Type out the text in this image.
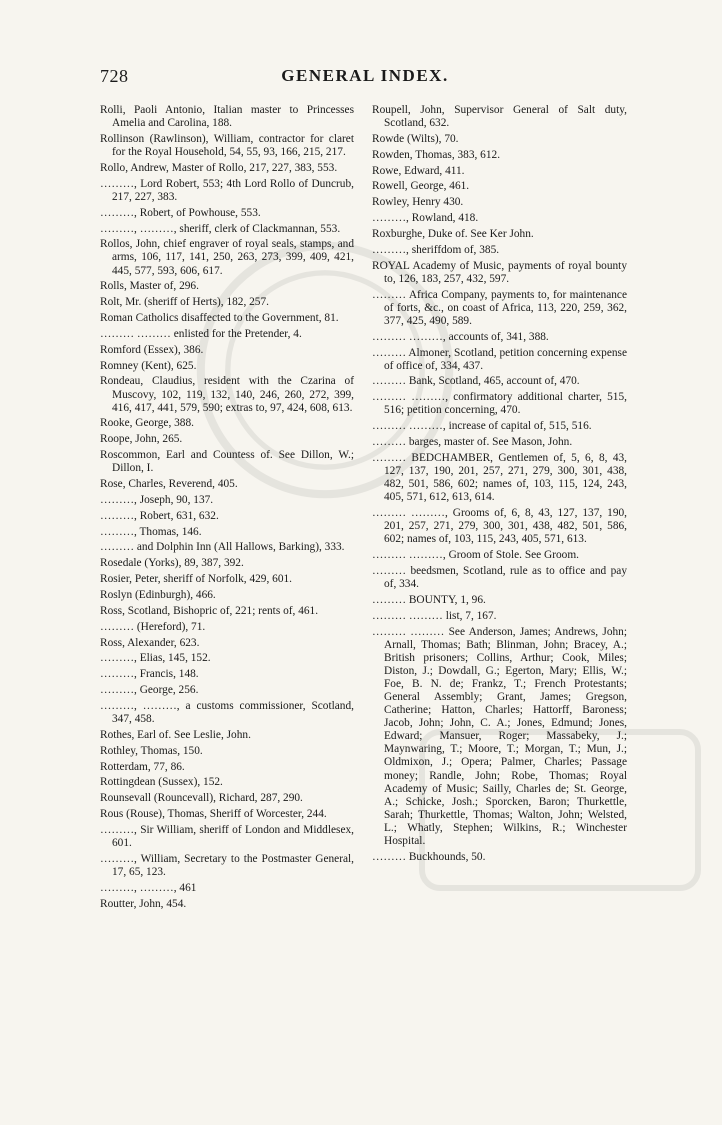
728	GENERAL INDEX.

Rolli, Paoli Antonio, Italian master to Princesses Amelia and Carolina, 188.

Rollinson (Rawlinson), William, contractor for claret for the Royal Household, 54, 55, 93, 166, 215, 217.

Rollo, Andrew, Master of Rollo, 217, 227, 383, 553.

………, Lord Robert, 553; 4th Lord Rollo of Duncrub, 217, 227, 383.

………, Robert, of Powhouse, 553.

………, ………, sheriff, clerk of Clackmannan, 553.

Rollos, John, chief engraver of royal seals, stamps, and arms, 106, 117, 141, 250, 263, 273, 399, 409, 421, 445, 577, 593, 606, 617.

Rolls, Master of, 296.

Rolt, Mr. (sheriff of Herts), 182, 257.

Roman Catholics disaffected to the Government, 81.

……… ……… enlisted for the Pretender, 4.

Romford (Essex), 386.

Romney (Kent), 625.

Rondeau, Claudius, resident with the Czarina of Muscovy, 102, 119, 132, 140, 246, 260, 272, 399, 416, 417, 441, 579, 590; extras to, 97, 424, 608, 613.

Rooke, George, 388.

Roope, John, 265.

Roscommon, Earl and Countess of. See Dillon, W.; Dillon, I.

Rose, Charles, Reverend, 405.

………, Joseph, 90, 137.

………, Robert, 631, 632.

………, Thomas, 146.

……… and Dolphin Inn (All Hallows, Barking), 333.

Rosedale (Yorks), 89, 387, 392.

Rosier, Peter, sheriff of Norfolk, 429, 601.

Roslyn (Edinburgh), 466.

Ross, Scotland, Bishopric of, 221; rents of, 461.

……… (Hereford), 71.

Ross, Alexander, 623.

………, Elias, 145, 152.

………, Francis, 148.

………, George, 256.

………, ………, a customs commissioner, Scotland, 347, 458.

Rothes, Earl of. See Leslie, John.

Rothley, Thomas, 150.

Rotterdam, 77, 86.

Rottingdean (Sussex), 152.

Rounsevall (Rouncevall), Richard, 287, 290.

Rous (Rouse), Thomas, Sheriff of Worcester, 244.

………, Sir William, sheriff of London and Middlesex, 601.

………, William, Secretary to the Postmaster General, 17, 65, 123.

………, ………, 461

Routter, John, 454.

Roupell, John, Supervisor General of Salt duty, Scotland, 632.

Rowde (Wilts), 70.

Rowden, Thomas, 383, 612.

Rowe, Edward, 411.

Rowell, George, 461.

Rowley, Henry 430.

………, Rowland, 418.

Roxburghe, Duke of. See Ker John.

………, sheriffdom of, 385.

ROYAL Academy of Music, payments of royal bounty to, 126, 183, 257, 432, 597.

……… Africa Company, payments to, for maintenance of forts, &c., on coast of Africa, 113, 220, 259, 362, 377, 425, 490, 589.

……… ………, accounts of, 341, 388.

……… Almoner, Scotland, petition concerning expense of office of, 334, 437.

……… Bank, Scotland, 465, account of, 470.

……… ………, confirmatory additional charter, 515, 516; petition concerning, 470.

……… ………, increase of capital of, 515, 516.

……… barges, master of. See Mason, John.

……… BEDCHAMBER, Gentlemen of, 5, 6, 8, 43, 127, 137, 190, 201, 257, 271, 279, 300, 301, 438, 482, 501, 586, 602; names of, 103, 115, 124, 243, 405, 571, 612, 613, 614.

……… ………, Grooms of, 6, 8, 43, 127, 137, 190, 201, 257, 271, 279, 300, 301, 438, 482, 501, 586, 602; names of, 103, 115, 243, 405, 571, 613.

……… ………, Groom of Stole. See Groom.

……… beedsmen, Scotland, rule as to office and pay of, 334.

……… BOUNTY, 1, 96.

……… ……… list, 7, 167.

……… ……… See Anderson, James; Andrews, John; Arnall, Thomas; Bath; Blinman, John; Bracey, A.; British prisoners; Collins, Arthur; Cook, Miles; Diston, J.; Dowdall, G.; Egerton, Mary; Ellis, W.; Foe, B. N. de; Frankz, T.; French Protestants; General Assembly; Grant, James; Gregson, Catherine; Hatton, Charles; Hattorff, Baroness; Jacob, John; John, C. A.; Jones, Edmund; Jones, Edward; Mansuer, Roger; Massabeky, J.; Maynwaring, T.; Moore, T.; Morgan, T.; Mun, J.; Oldmixon, J.; Opera; Palmer, Charles; Passage money; Randle, John; Robe, Thomas; Royal Academy of Music; Sailly, Charles de; St. George, A.; Schicke, Josh.; Sporcken, Baron; Thurkettle, Sarah; Thurkettle, Thomas; Walton, John; Welsted, L.; Whatly, Stephen; Wilkins, R.; Winchester Hospital.

……… Buckhounds, 50.
